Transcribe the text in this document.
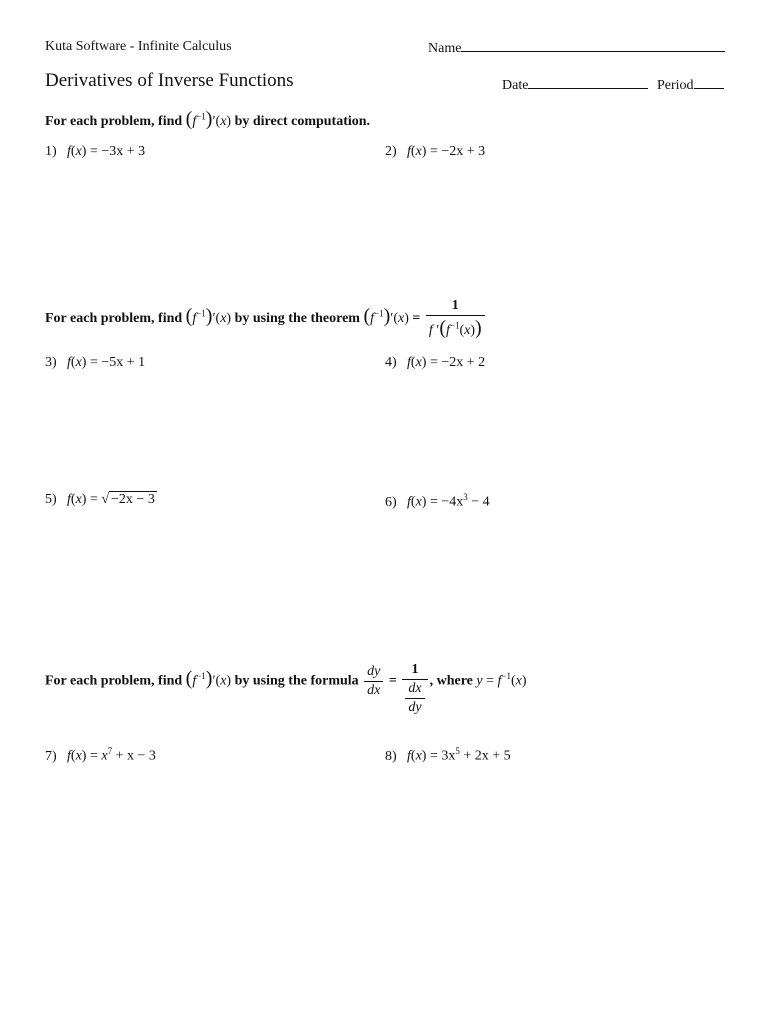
Kuta Software - Infinite Calculus	Name
Derivatives of Inverse Functions	Date	Period
For each problem, find $(f^{-1})'(x)$ by direct computation.
1) f(x) = −3x + 3	2) f(x) = −2x + 3
For each problem, find $(f^{-1})'(x)$ by using the theorem $(f^{-1})'(x) = \frac{1}{f '(f^{-1}(x))}$
3) f(x) = −5x + 1	4) f(x) = −2x + 2
5) f(x) = √ −2x − 3	6) $f(x) = -4x^3 - 4$
For each problem, find $(f^{-1})'(x)$ by using the formula $\frac{dy}{dx} = \frac{1}{\frac{dx}{dy}}$ , where $y = f^{-1}(x)$
7) $f(x) = x^7 + x - 3$	8) $f(x) = 3x^5 + 2x + 5$
